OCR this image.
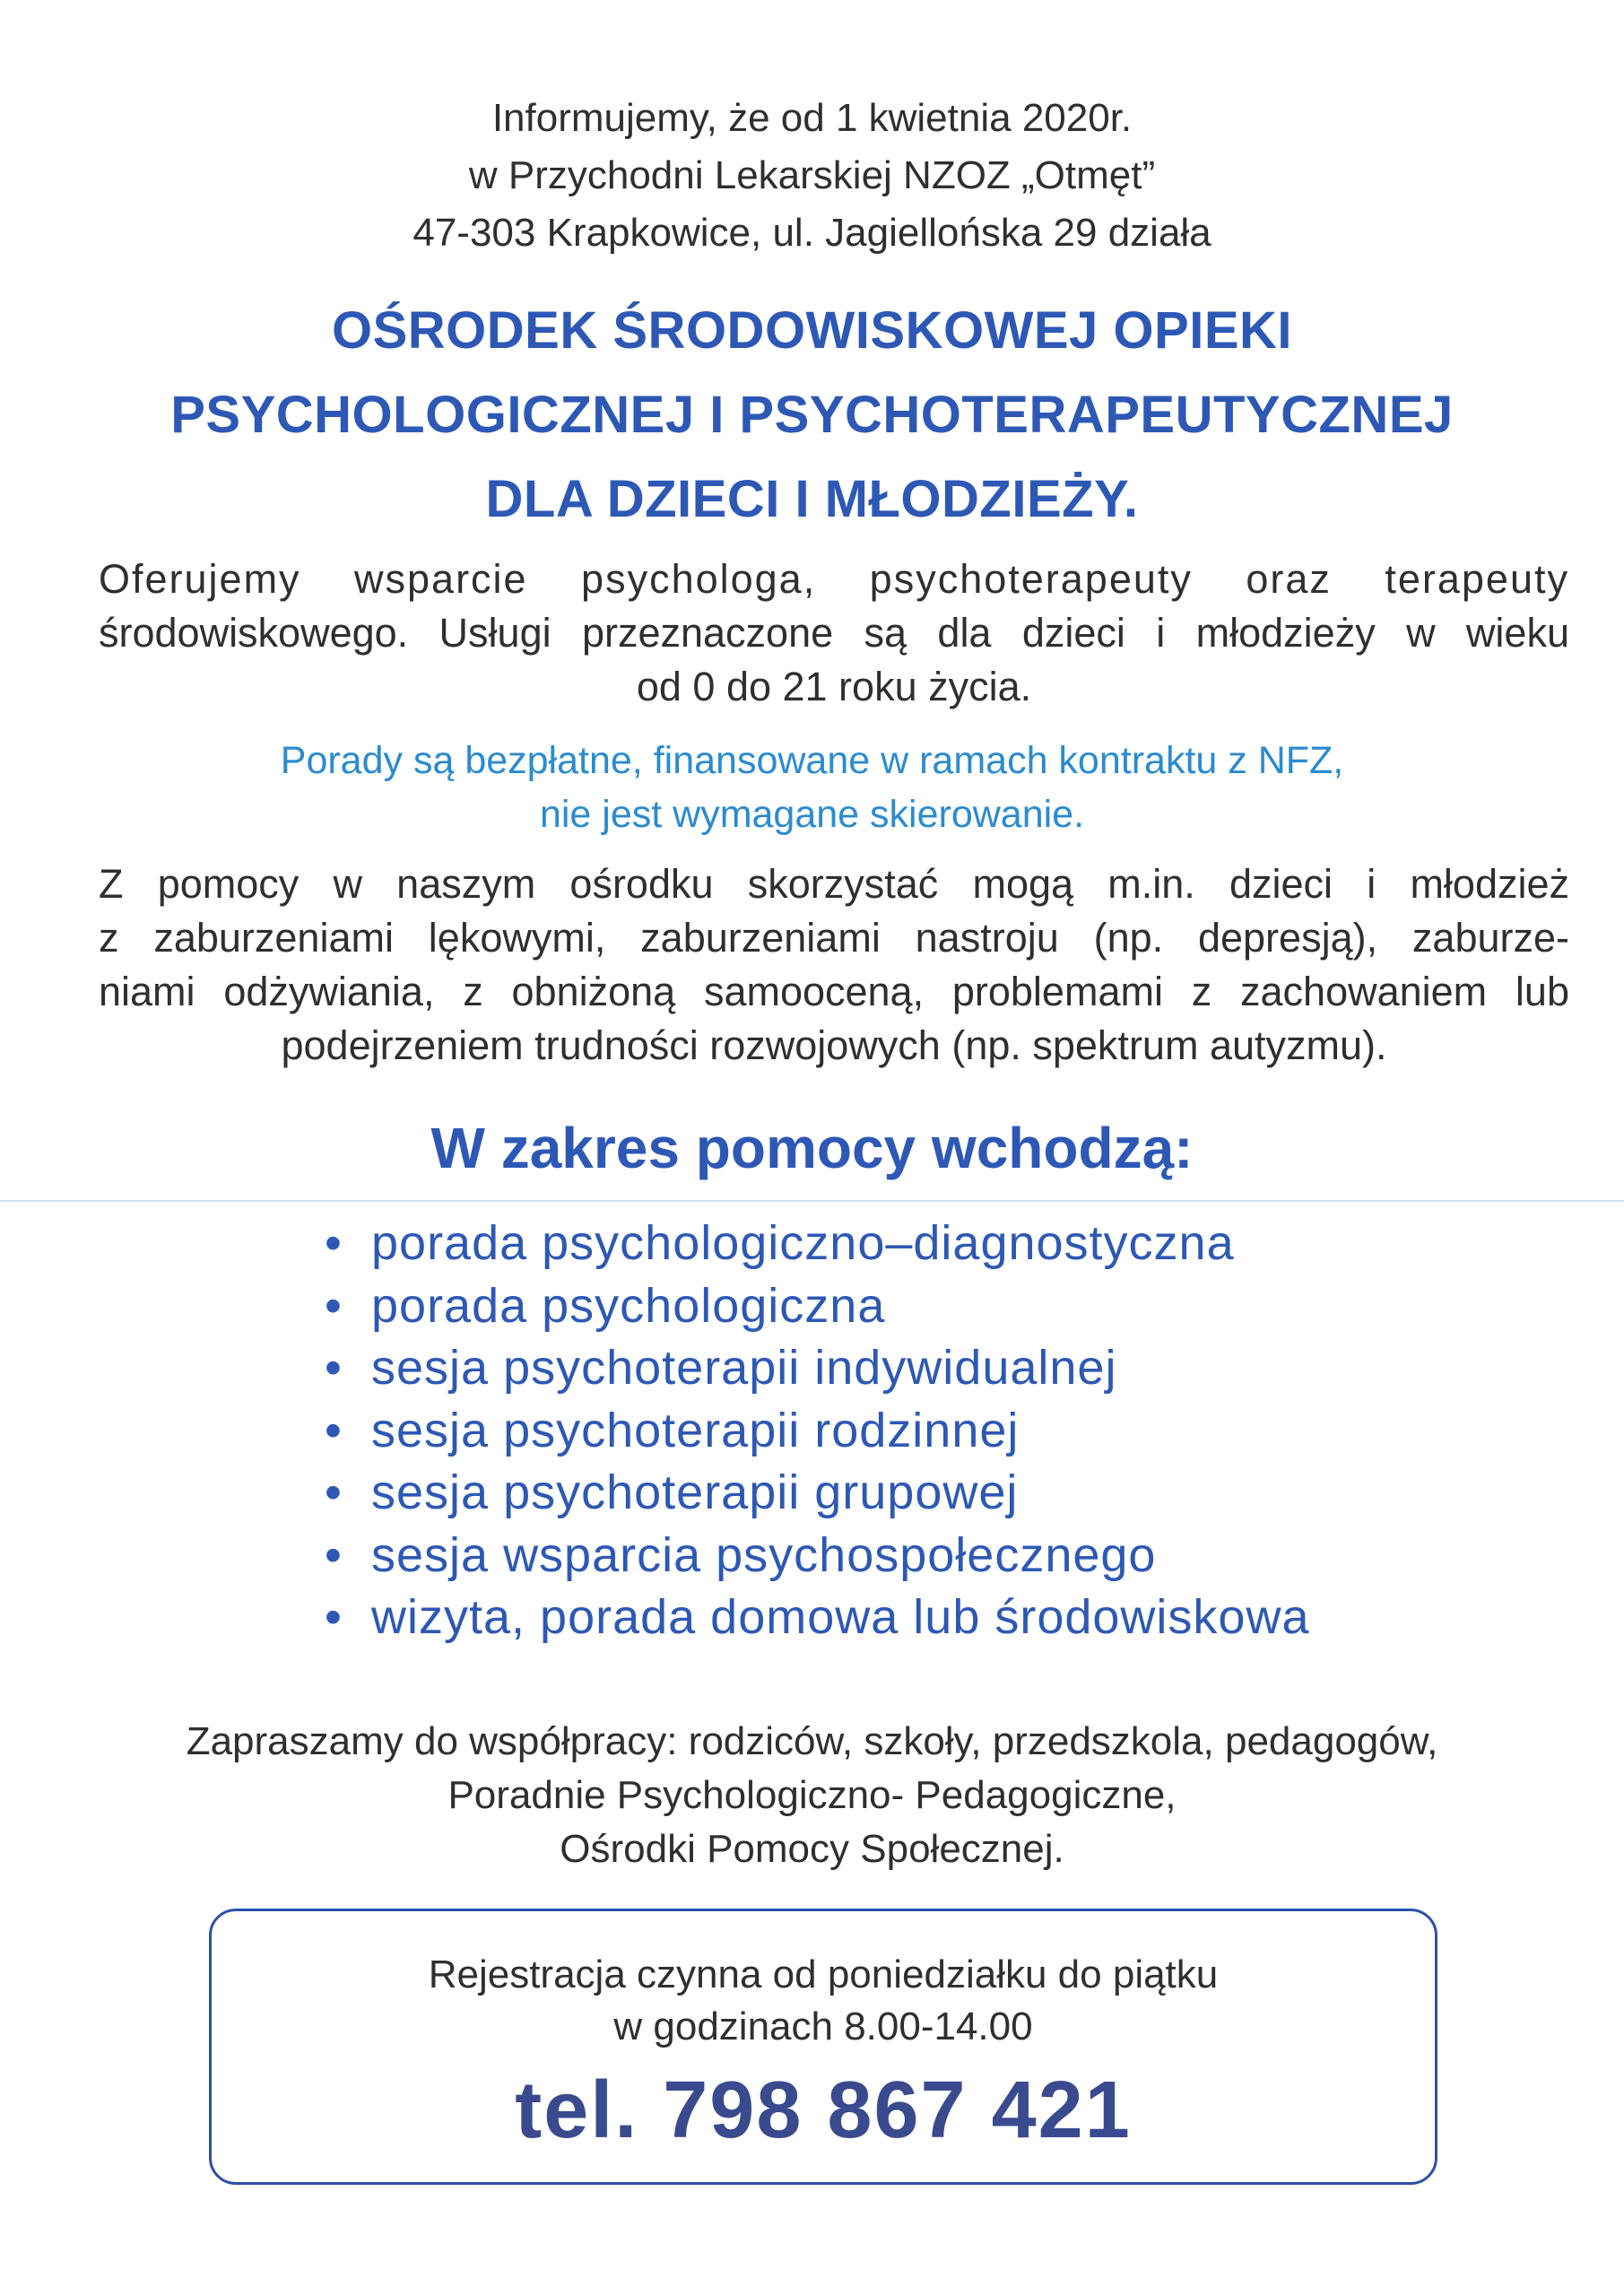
Informujemy, że od 1 kwietnia 2020r.

w Przychodni Lekarskiej NZOZ „Otmęt”

47-303 Krapkowice, ul. Jagiellońska 29 działa

OŚRODEK ŚRODOWISKOWEJ OPIEKI

PSYCHOLOGICZNEJ I PSYCHOTERAPEUTYCZNEJ

DLA DZIECI I MŁODZIEŻY.

Oferujemy wsparcie psychologa, psychoterapeuty oraz terapeuty

środowiskowego. Usługi przeznaczone są dla dzieci i młodzieży w wieku

od 0 do 21 roku życia.

Porady są bezpłatne, finansowane w ramach kontraktu z NFZ,

nie jest wymagane skierowanie.

Z pomocy w naszym ośrodku skorzystać mogą m.in. dzieci i młodzież

z zaburzeniami lękowymi, zaburzeniami nastroju (np. depresją), zaburze-

niami odżywiania, z obniżoną samooceną, problemami z zachowaniem lub

podejrzeniem trudności rozwojowych (np. spektrum autyzmu).

W zakres pomocy wchodzą:
• porada psychologiczno–diagnostyczna
• porada psychologiczna
• sesja psychoterapii indywidualnej
• sesja psychoterapii rodzinnej
• sesja psychoterapii grupowej
• sesja wsparcia psychospołecznego
• wizyta, porada domowa lub środowiskowa

Zapraszamy do współpracy: rodziców, szkoły, przedszkola, pedagogów,

Poradnie Psychologiczno- Pedagogiczne,

Ośrodki Pomocy Społecznej.

Rejestracja czynna od poniedziałku do piątku

w godzinach 8.00-14.00

tel. 798 867 421
